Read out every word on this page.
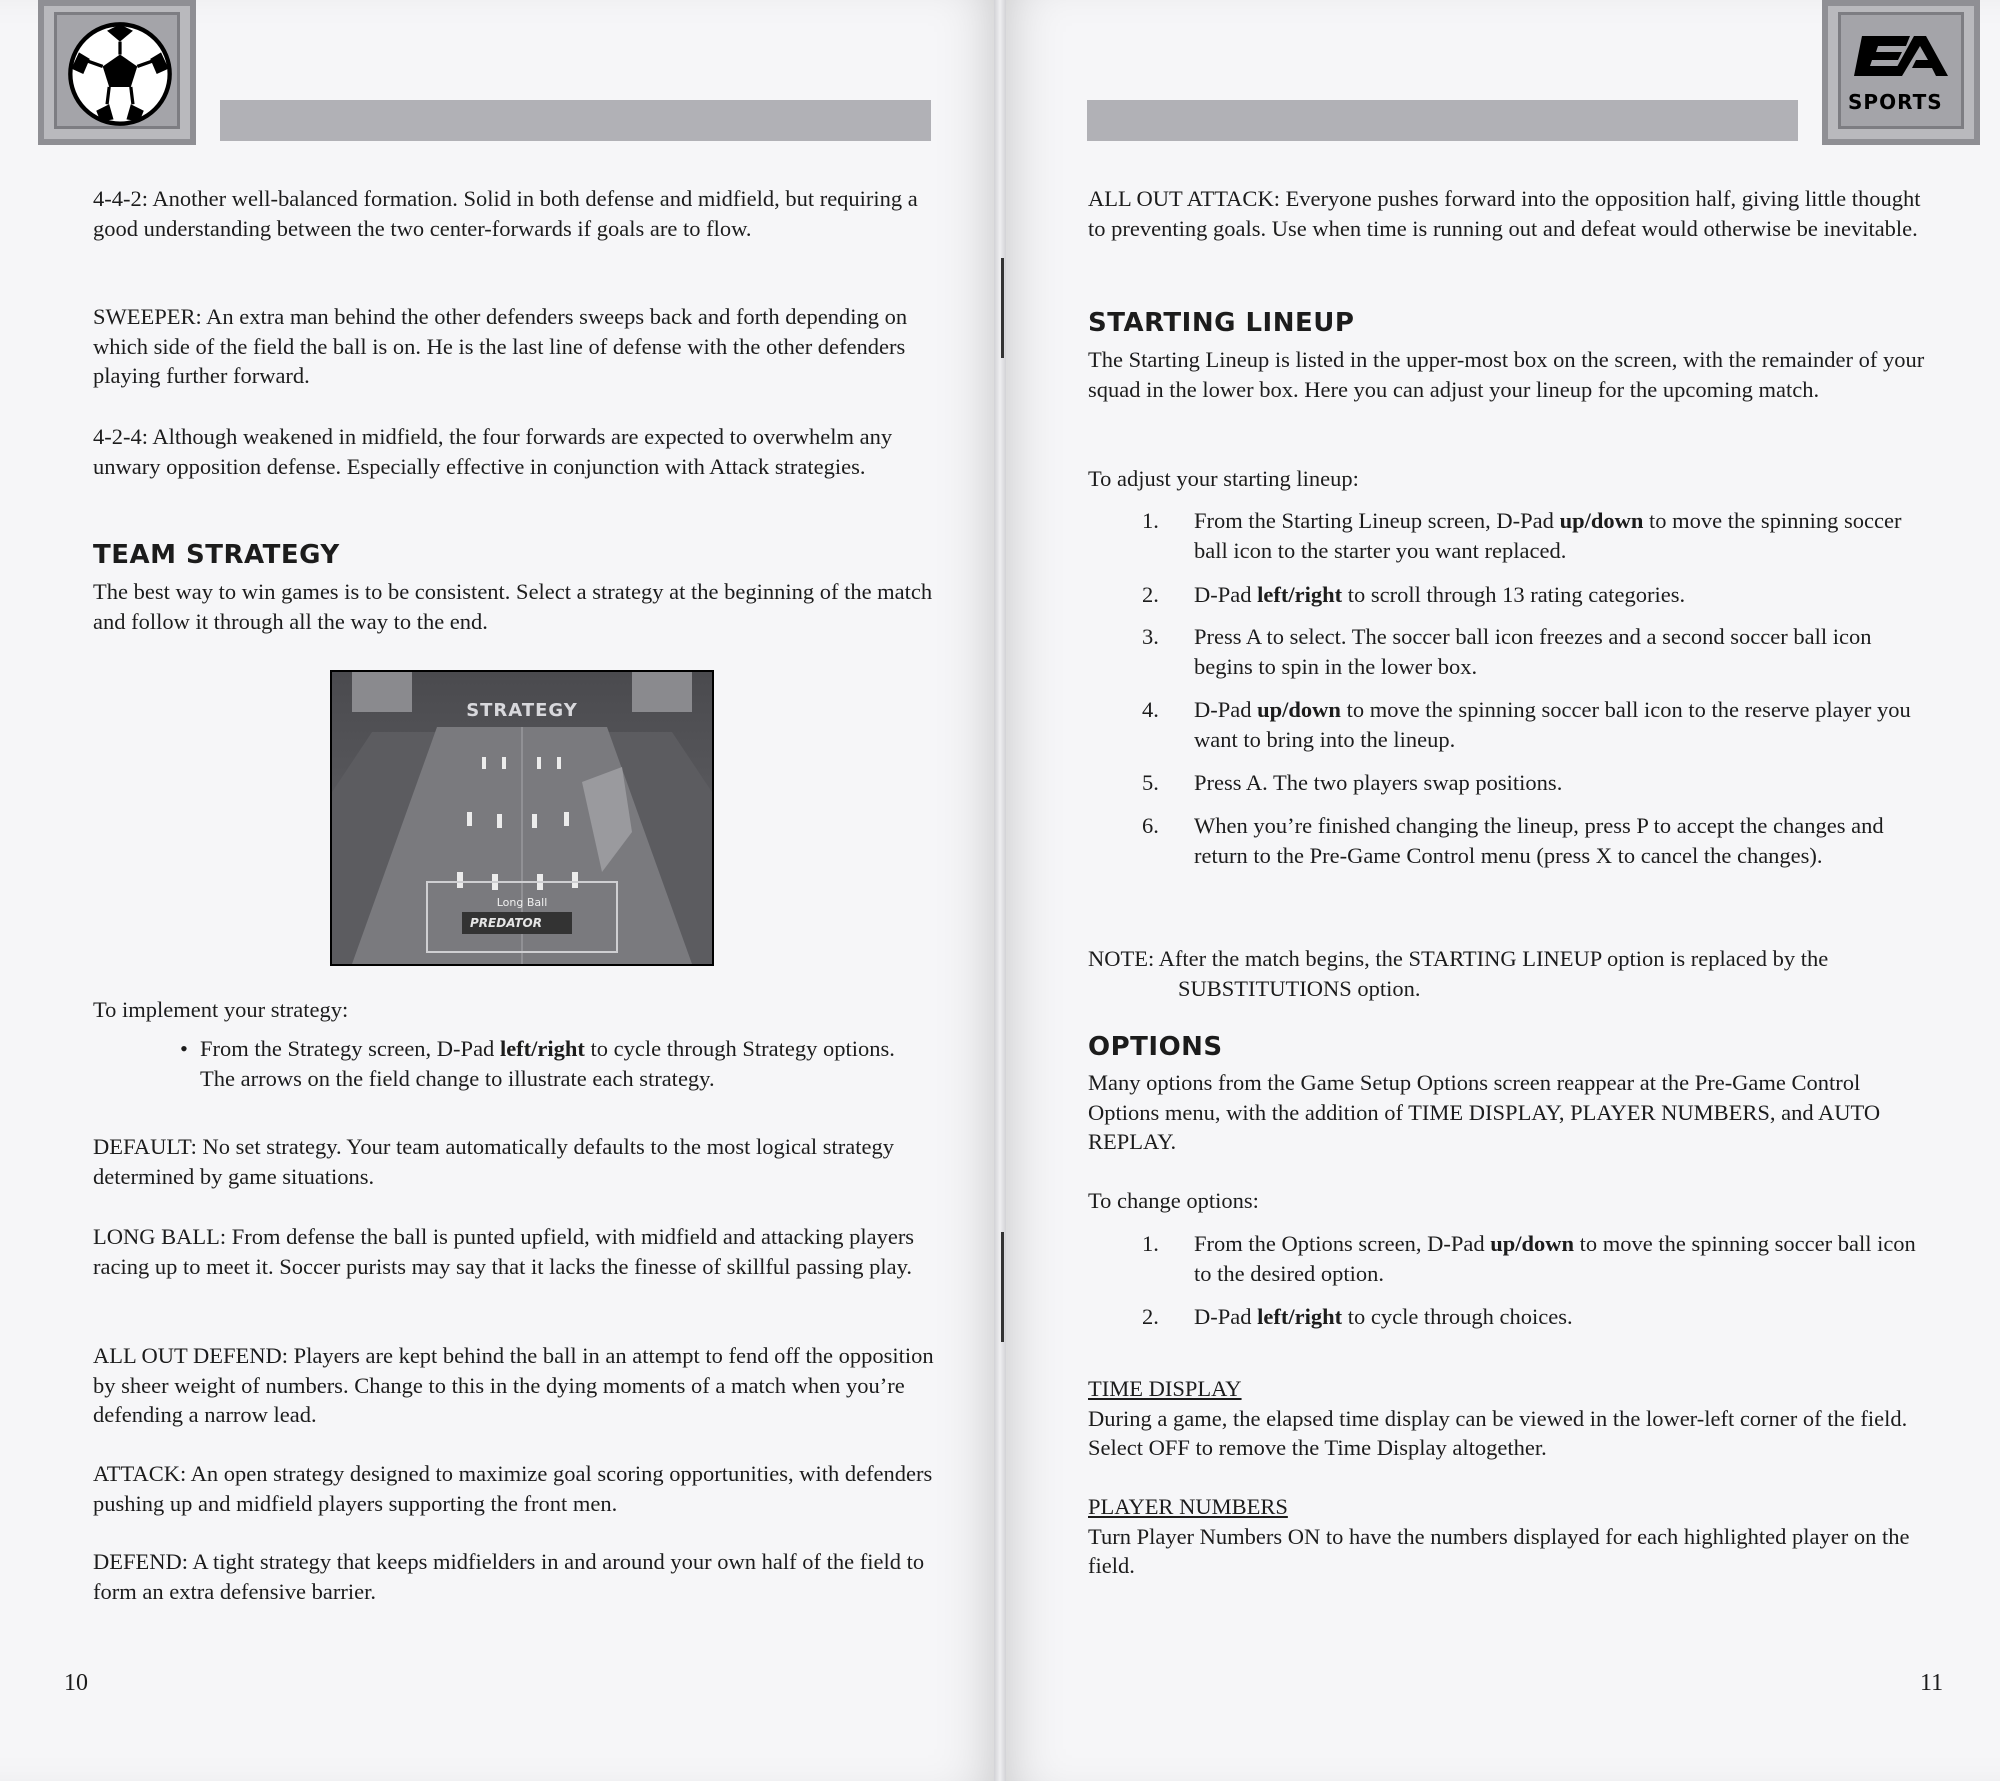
4-4-2: Another well-balanced formation. Solid in both defense and midfield, but requiring a good understanding between the two center-forwards if goals are to flow.

SWEEPER: An extra man behind the other defenders sweeps back and forth depending on which side of the field the ball is on. He is the last line of defense with the other defenders playing further forward.

4-2-4: Although weakened in midfield, the four forwards are expected to overwhelm any unwary opposition defense. Especially effective in conjunction with Attack strategies.

TEAM STRATEGY

The best way to win games is to be consistent. Select a strategy at the beginning of the match and follow it through all the way to the end.

STRATEGY
Long Ball
PREDATOR

To implement your strategy:

• From the Strategy screen, D-Pad left/right to cycle through Strategy options. The arrows on the field change to illustrate each strategy.

DEFAULT: No set strategy. Your team automatically defaults to the most logical strategy determined by game situations.

LONG BALL: From defense the ball is punted upfield, with midfield and attacking players racing up to meet it. Soccer purists may say that it lacks the finesse of skillful passing play.

ALL OUT DEFEND: Players are kept behind the ball in an attempt to fend off the opposition by sheer weight of numbers. Change to this in the dying moments of a match when you’re defending a narrow lead.

ATTACK: An open strategy designed to maximize goal scoring opportunities, with defenders pushing up and midfield players supporting the front men.

DEFEND: A tight strategy that keeps midfielders in and around your own half of the field to form an extra defensive barrier.

10
SPORTS

ALL OUT ATTACK: Everyone pushes forward into the opposition half, giving little thought to preventing goals. Use when time is running out and defeat would otherwise be inevitable.

STARTING LINEUP

The Starting Lineup is listed in the upper-most box on the screen, with the remainder of your squad in the lower box. Here you can adjust your lineup for the upcoming match.

To adjust your starting lineup:

1. From the Starting Lineup screen, D-Pad up/down to move the spinning soccer ball icon to the starter you want replaced.
2. D-Pad left/right to scroll through 13 rating categories.
3. Press A to select. The soccer ball icon freezes and a second soccer ball icon begins to spin in the lower box.
4. D-Pad up/down to move the spinning soccer ball icon to the reserve player you want to bring into the lineup.
5. Press A. The two players swap positions.
6. When you’re finished changing the lineup, press P to accept the changes and return to the Pre-Game Control menu (press X to cancel the changes).

NOTE: After the match begins, the STARTING LINEUP option is replaced by the SUBSTITUTIONS option.

OPTIONS

Many options from the Game Setup Options screen reappear at the Pre-Game Control Options menu, with the addition of TIME DISPLAY, PLAYER NUMBERS, and AUTO REPLAY.

To change options:

1. From the Options screen, D-Pad up/down to move the spinning soccer ball icon to the desired option.
2. D-Pad left/right to cycle through choices.

TIME DISPLAY

During a game, the elapsed time display can be viewed in the lower-left corner of the field. Select OFF to remove the Time Display altogether.

PLAYER NUMBERS

Turn Player Numbers ON to have the numbers displayed for each highlighted player on the field.

11
